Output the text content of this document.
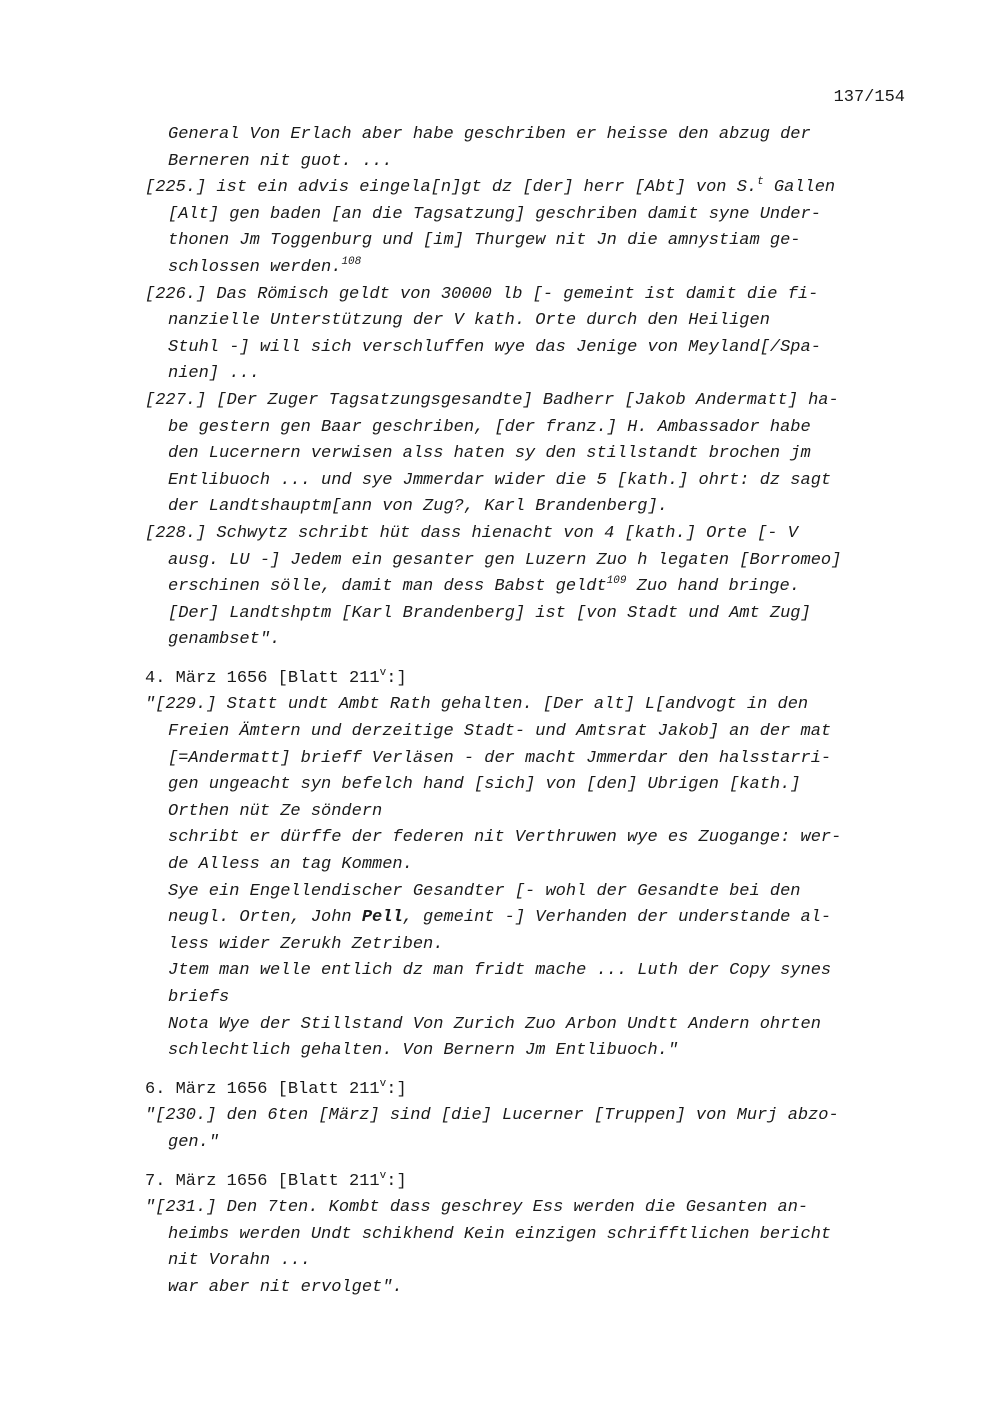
137/154
General Von Erlach aber habe geschriben er heisse den abzug der
Berneren nit guot. ...
[225.] ist ein advis eingela[n]gt dz [der] herr [Abt] von S.$^t$ Gallen
[Alt] gen baden [an die Tagsatzung] geschriben damit syne Under-
thonen Jm Toggenburg und [im] Thurgew nit Jn die amnystiam ge-
schlossen werden.$^{108}$
[226.] Das Römisch geldt von 30000 lb [- gemeint ist damit die fi-
nanzielle Unterstützung der V kath. Orte durch den Heiligen
Stuhl -] will sich verschluffen wye das Jenige von Meyland[/Spa-
nien] ...
[227.] [Der Zuger Tagsatzungsgesandte] Badherr [Jakob Andermatt] ha-
be gestern gen Baar geschriben, [der franz.] H. Ambassador habe
den Lucernern verwisen alss haten sy den stillstandt brochen jm
Entlibuoch ... und sye Jmmerdar wider die 5 [kath.] ohrt: dz sagt
der Landtshauptm[ann von Zug?, Karl Brandenberg].
[228.] Schwytz schribt hüt dass hienacht von 4 [kath.] Orte [- V
ausg. LU -] Jedem ein gesanter gen Luzern Zuo h legaten [Borromeo]
erschinen sölle, damit man dess Babst geldt$^{109}$ Zuo hand bringe.
[Der] Landtshptm [Karl Brandenberg] ist [von Stadt und Amt Zug]
genambset".
4. März 1656 [Blatt 211$^v$:]
"[229.] Statt undt Ambt Rath gehalten. [Der alt] L[andvogt in den
Freien Ämtern und derzeitige Stadt- und Amtsrat Jakob] an der mat
[=Andermatt] brieff Verläsen - der macht Jmmerdar den halsstarri-
gen ungeacht syn befelch hand [sich] von [den] Ubrigen [kath.]
Orthen nüt Ze söndern
schribt er dürffe der federen nit Verthruwen wye es Zuogange: wer-
de Alless an tag Kommen.
Sye ein Engellendischer Gesandter [- wohl der Gesandte bei den
neugl. Orten, John Pell, gemeint -] Verhanden der understande al-
less wider Zerukh Zetriben.
Jtem man welle entlich dz man fridt mache ... Luth der Copy synes
briefs
Nota Wye der Stillstand Von Zurich Zuo Arbon Undtt Andern ohrten
schlechtlich gehalten. Von Bernern Jm Entlibuoch."
6. März 1656 [Blatt 211$^v$:]
"[230.] den 6ten [März] sind [die] Lucerner [Truppen] von Murj abzo-
gen."
7. März 1656 [Blatt 211$^v$:]
"[231.] Den 7ten. Kombt dass geschrey Ess werden die Gesanten an-
heimbs werden Undt schikhend Kein einzigen schrifftlichen bericht
nit Vorahn ...
war aber nit ervolget".
